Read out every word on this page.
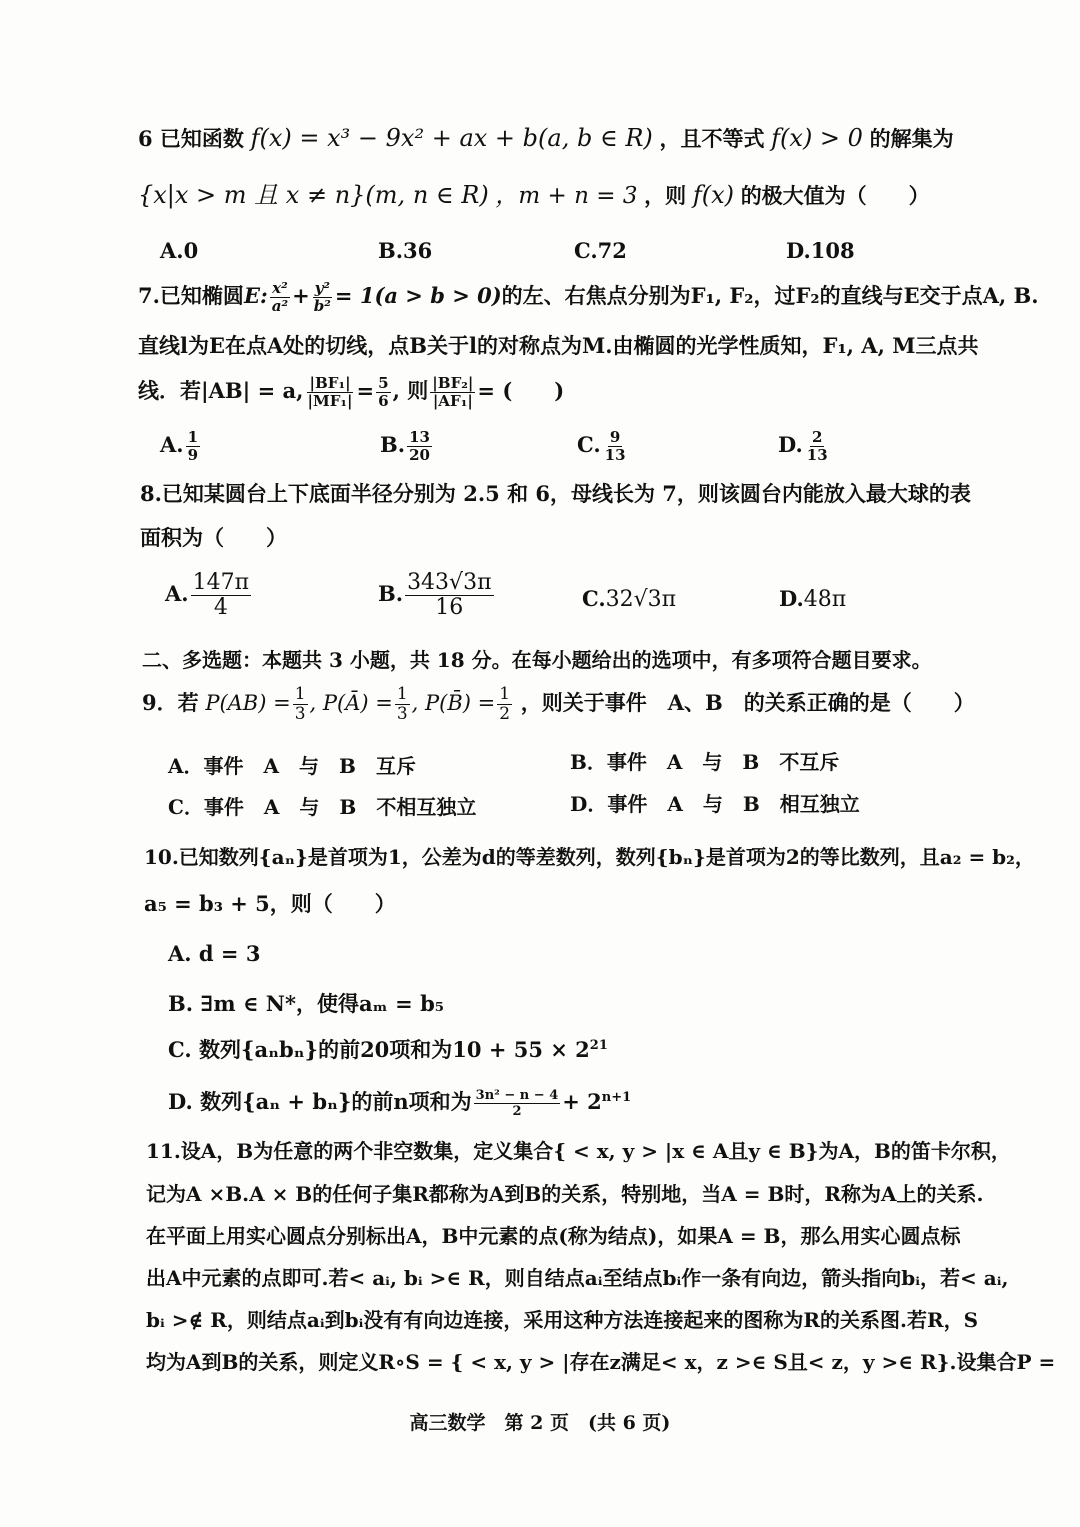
6 已知函数 f(x) = x³ − 9x² + ax + b(a, b ∈ R) ，且不等式 f(x) > 0 的解集为
{x|x > m 且 x ≠ n}(m, n ∈ R) ，m + n = 3 ，则 f(x) 的极大值为（　　）
A.0	B.36	C.72	D.108
7.已知椭圆E: $\frac{\text{x²}}{\text{a²}} + \frac{\text{y²}}{\text{b²}} = 1(a > b > 0)$的左、右焦点分别为F₁, F₂，过F₂的直线与E交于点A, B.
直线l为E在点A处的切线，点B关于l的对称点为M.由椭圆的光学性质知，F₁, A, M三点共
线．若|AB| = a, $\frac{\text{|BF₁|}}{\text{|MF₁|}} = \frac{5}{6}$ , 则 $\frac{\text{|BF₂|}}{\text{|AF₁|}}$ = (　　)
A. $\frac{1}{9}$	B. $\frac{13}{20}$	C. $\frac{9}{13}$	D. $\frac{2}{13}$
8.已知某圆台上下底面半径分别为 2.5 和 6，母线长为 7，则该圆台内能放入最大球的表
面积为（　　）
A. $\frac{147\pi}{4}$	B. $\frac{343√3\pi}{16}$	C.32√3π	D.48π
二、多选题：本题共 3 小题，共 18 分。在每小题给出的选项中，有多项符合题目要求。
9．若 $P(AB) = \frac{1}{3}$ , P(Ā) = $\frac{1}{3}$ , P(B̄) = $\frac{1}{2}$ ，则关于事件　A、B　的关系正确的是（　　）
A．事件　A　与　B　互斥	B．事件　A　与　B　不互斥
C．事件　A　与　B　不相互独立	D．事件　A　与　B　相互独立
10.已知数列{aₙ}是首项为1，公差为d的等差数列，数列{bₙ}是首项为2的等比数列，且a₂ = b₂，
a₅ = b₃ + 5，则（　　）
A. d = 3
B. ∃m ∈ N*，使得aₘ = b₅
C. 数列{aₙbₙ}的前20项和为$10 + 55 \times 2^{21}$
D. 数列{aₙ + bₙ}的前n项和为 $\frac{\text{3n² − n − 4}}{2} + 2^{n+1}$
11.设A，B为任意的两个非空数集，定义集合{ < x, y > |x ∈ A且y ∈ B}为A，B的笛卡尔积，
记为A ×B.A × B的任何子集R都称为A到B的关系，特别地，当A = B时，R称为A上的关系.
在平面上用实心圆点分别标出A，B中元素的点(称为结点)，如果A = B，那么用实心圆点标
出A中元素的点即可.若< aᵢ, bᵢ >∈ R，则自结点aᵢ至结点bᵢ作一条有向边，箭头指向bᵢ，若< aᵢ,
bᵢ >∉ R，则结点aᵢ到bᵢ没有有向边连接，采用这种方法连接起来的图称为R的关系图.若R，S
均为A到B的关系，则定义R∘S = { < x, y > |存在z满足< x，z >∈ S且< z，y >∈ R}.设集合P =
高三数学　第 2 页　(共 6 页)
